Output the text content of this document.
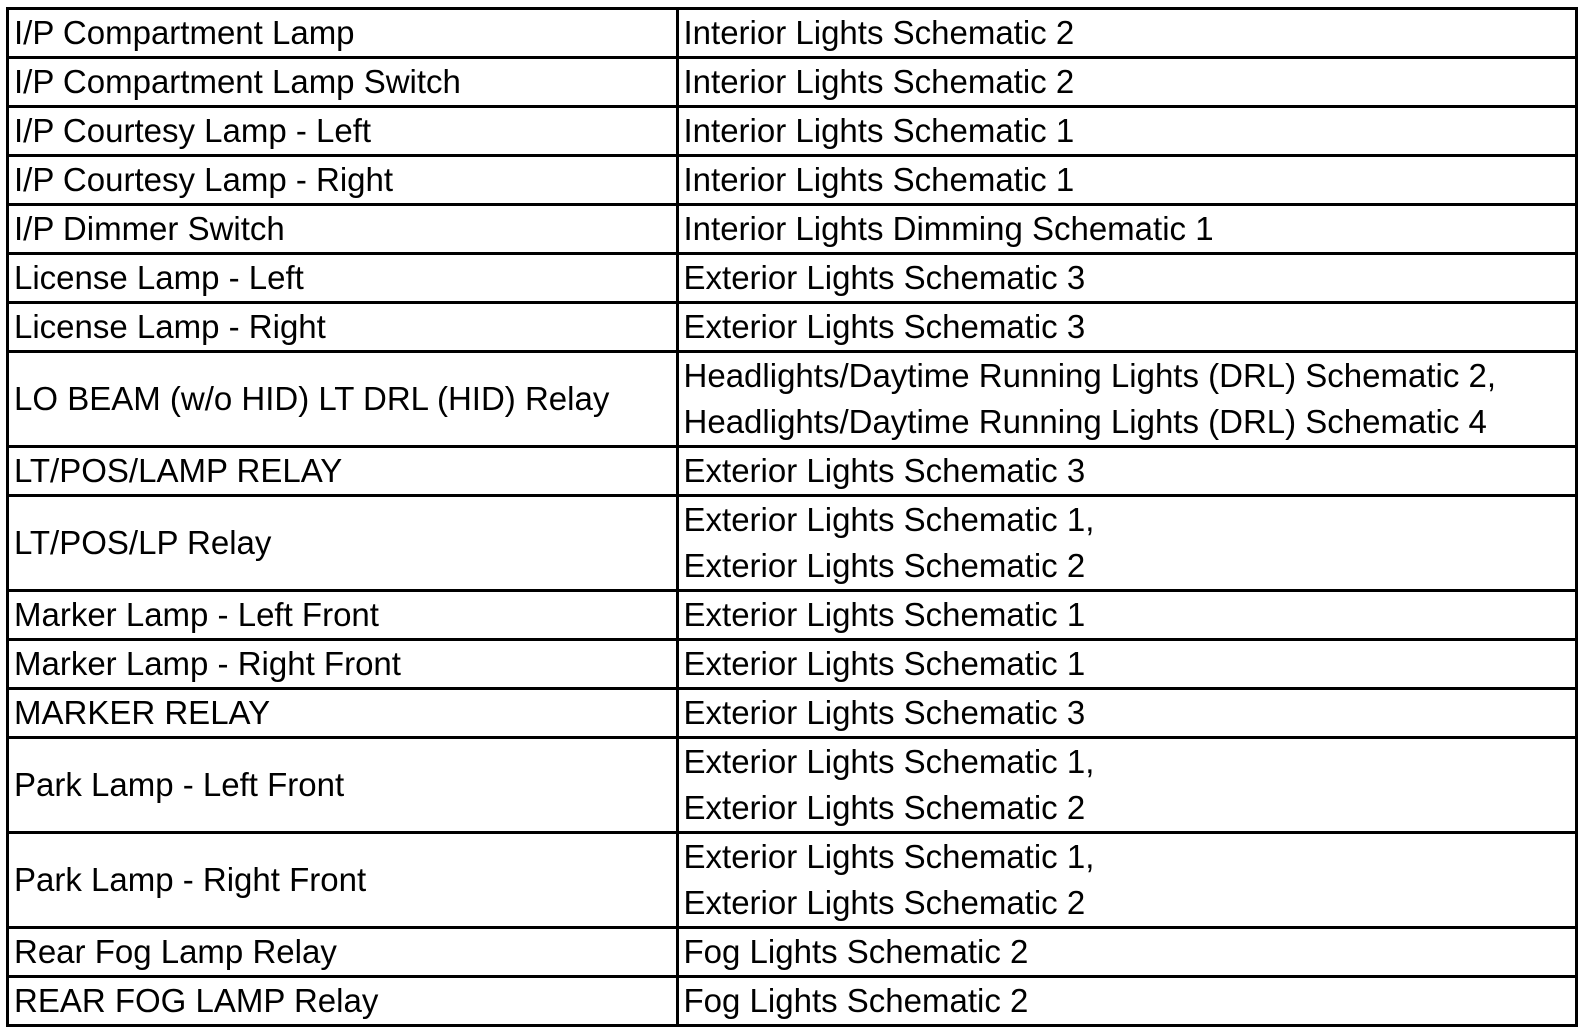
I/P Compartment Lamp	Interior Lights Schematic 2

I/P Compartment Lamp Switch	Interior Lights Schematic 2

I/P Courtesy Lamp - Left	Interior Lights Schematic 1

I/P Courtesy Lamp - Right	Interior Lights Schematic 1

I/P Dimmer Switch	Interior Lights Dimming Schematic 1

License Lamp - Left	Exterior Lights Schematic 3

License Lamp - Right	Exterior Lights Schematic 3

LO BEAM (w/o HID) LT DRL (HID) Relay	Headlights/Daytime Running Lights (DRL) Schematic 2,
Headlights/Daytime Running Lights (DRL) Schematic 4

LT/POS/LAMP RELAY	Exterior Lights Schematic 3

LT/POS/LP Relay	Exterior Lights Schematic 1,
Exterior Lights Schematic 2

Marker Lamp - Left Front	Exterior Lights Schematic 1

Marker Lamp - Right Front	Exterior Lights Schematic 1

MARKER RELAY	Exterior Lights Schematic 3

Park Lamp - Left Front	Exterior Lights Schematic 1,
Exterior Lights Schematic 2

Park Lamp - Right Front	Exterior Lights Schematic 1,
Exterior Lights Schematic 2

Rear Fog Lamp Relay	Fog Lights Schematic 2

REAR FOG LAMP Relay	Fog Lights Schematic 2
